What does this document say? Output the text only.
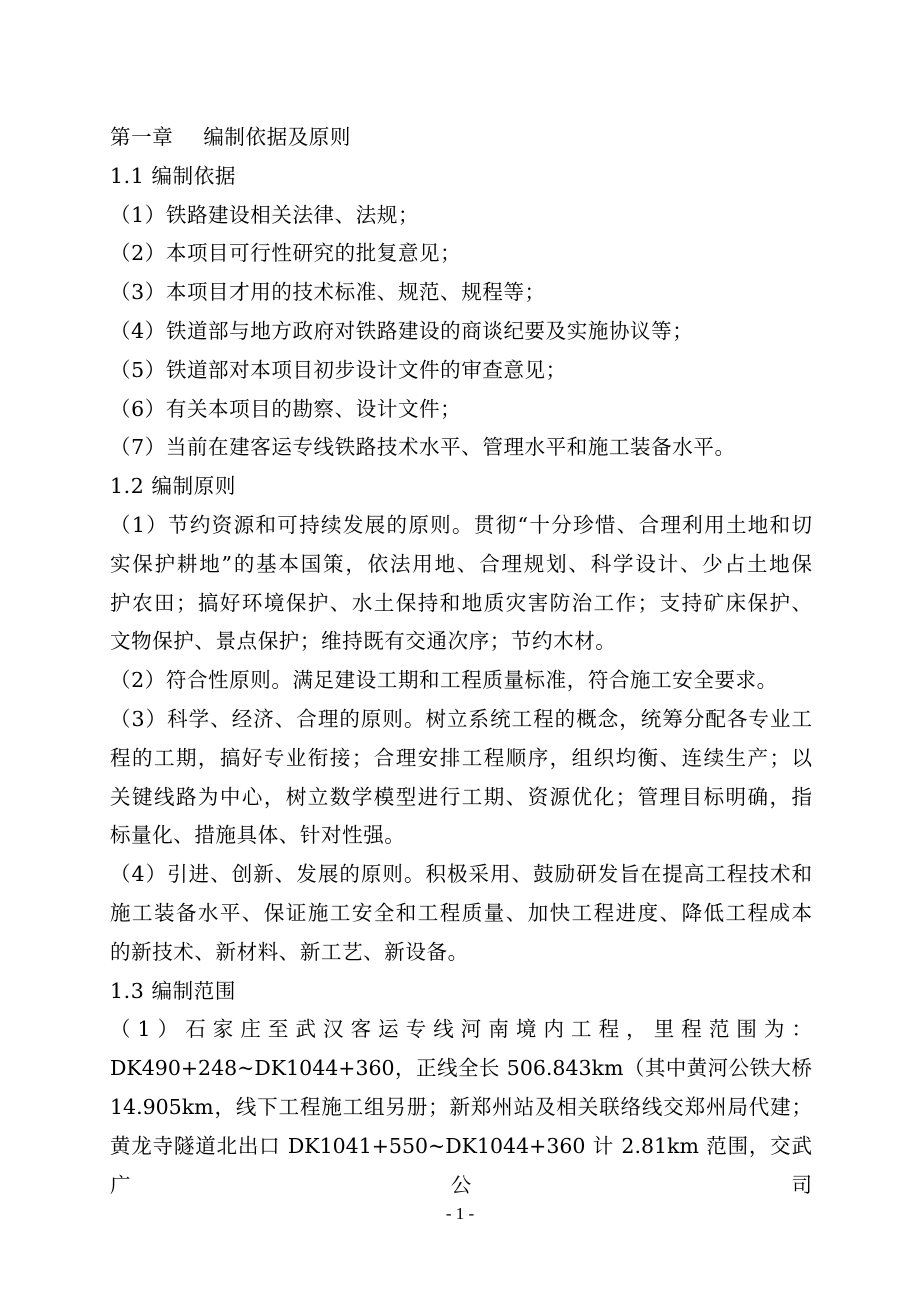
第一章 编制依据及原则
1.1 编制依据
（1）铁路建设相关法律、法规；
（2）本项目可行性研究的批复意见；
（3）本项目才用的技术标准、规范、规程等；
（4）铁道部与地方政府对铁路建设的商谈纪要及实施协议等；
（5）铁道部对本项目初步设计文件的审查意见；
（6）有关本项目的勘察、设计文件；
（7）当前在建客运专线铁路技术水平、管理水平和施工装备水平。
1.2 编制原则
（1）节约资源和可持续发展的原则。贯彻“十分珍惜、合理利用土地和切
实保护耕地”的基本国策，依法用地、合理规划、科学设计、少占土地保
护农田；搞好环境保护、水土保持和地质灾害防治工作；支持矿床保护、
文物保护、景点保护；维持既有交通次序；节约木材。
（2）符合性原则。满足建设工期和工程质量标准，符合施工安全要求。
（3）科学、经济、合理的原则。树立系统工程的概念，统筹分配各专业工
程的工期，搞好专业衔接；合理安排工程顺序，组织均衡、连续生产；以
关键线路为中心，树立数学模型进行工期、资源优化；管理目标明确，指
标量化、措施具体、针对性强。
（4）引进、创新、发展的原则。积极采用、鼓励研发旨在提高工程技术和
施工装备水平、保证施工安全和工程质量、加快工程进度、降低工程成本
的新技术、新材料、新工艺、新设备。
1.3 编制范围
（1）石家庄至武汉客运专线河南境内工程，里程范围为：
DK490+248~DK1044+360，正线全长 506.843km（其中黄河公铁大桥
14.905km，线下工程施工组另册；新郑州站及相关联络线交郑州局代建；
黄龙寺隧道北出口 DK1041+550~DK1044+360 计 2.81km 范围，交武广公司
- 1 -
